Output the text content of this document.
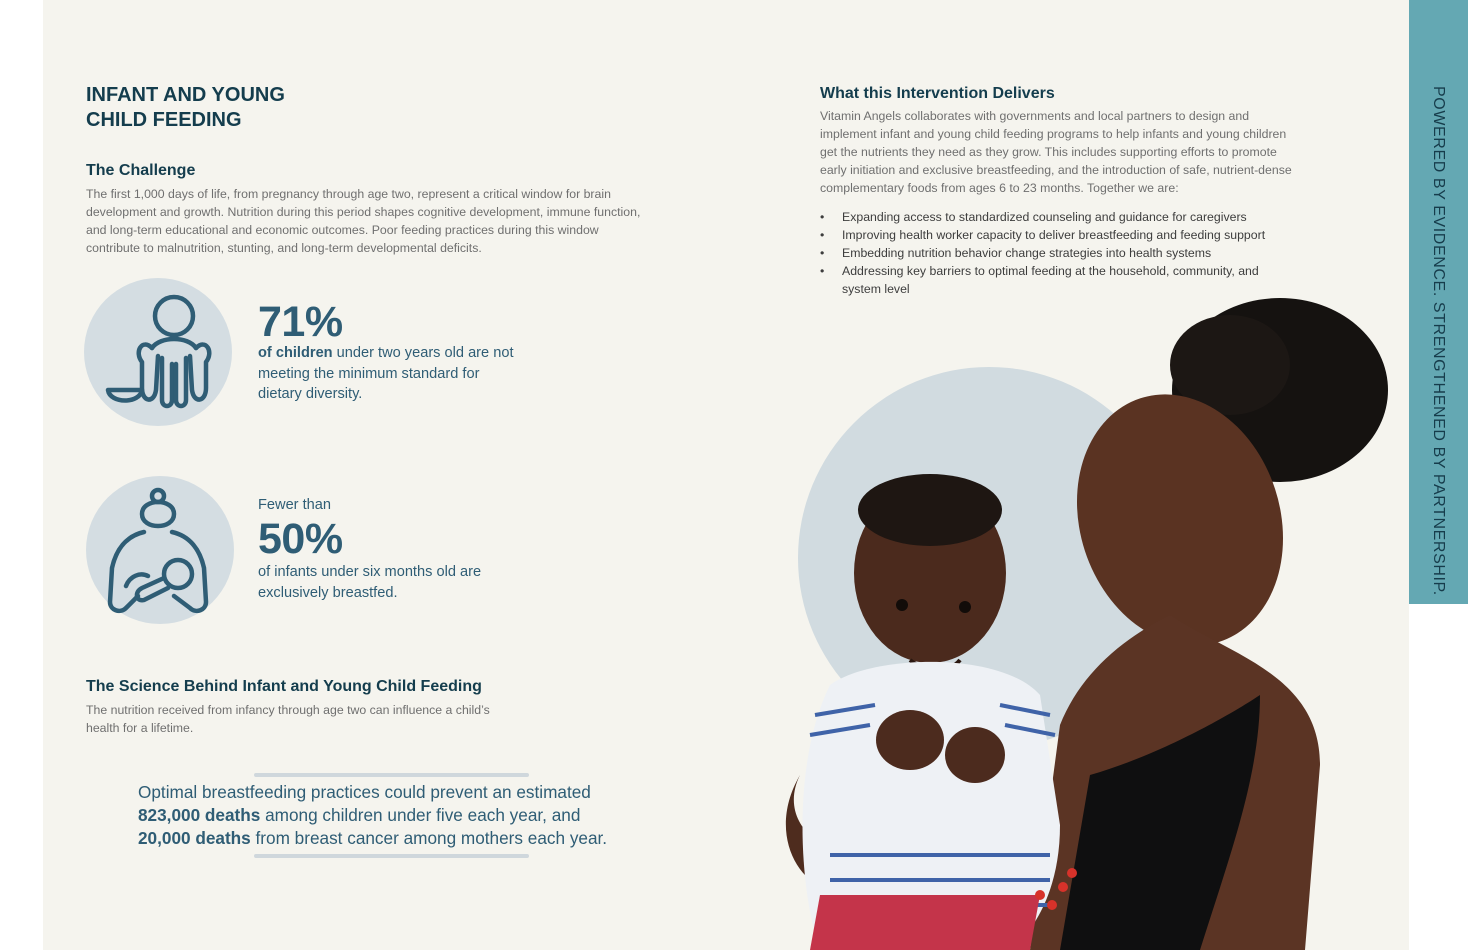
POWERED BY EVIDENCE. STRENGTHENED BY PARTNERSHIP.
INFANT AND YOUNG
CHILD FEEDING
The Challenge
The first 1,000 days of life, from pregnancy through age two, represent a critical window for brain development and growth. Nutrition during this period shapes cognitive development, immune function, and long-term educational and economic outcomes. Poor feeding practices during this window contribute to malnutrition, stunting, and long-term developmental deficits.
71%
of children under two years old are not meeting the minimum standard for dietary diversity.
Fewer than
50%
of infants under six months old are exclusively breastfed.
The Science Behind Infant and Young Child Feeding
The nutrition received from infancy through age two can influence a child’s health for a lifetime.
Optimal breastfeeding practices could prevent an estimated
823,000 deaths among children under five each year, and
20,000 deaths from breast cancer among mothers each year.
What this Intervention Delivers
Vitamin Angels collaborates with governments and local partners to design and implement infant and young child feeding programs to help infants and young children get the nutrients they need as they grow. This includes supporting efforts to promote early initiation and exclusive breastfeeding, and the introduction of safe, nutrient-dense complementary foods from ages 6 to 23 months. Together we are:
• Expanding access to standardized counseling and guidance for caregivers
• Improving health worker capacity to deliver breastfeeding and feeding support
• Embedding nutrition behavior change strategies into health systems
• Addressing key barriers to optimal feeding at the household, community, and system level
